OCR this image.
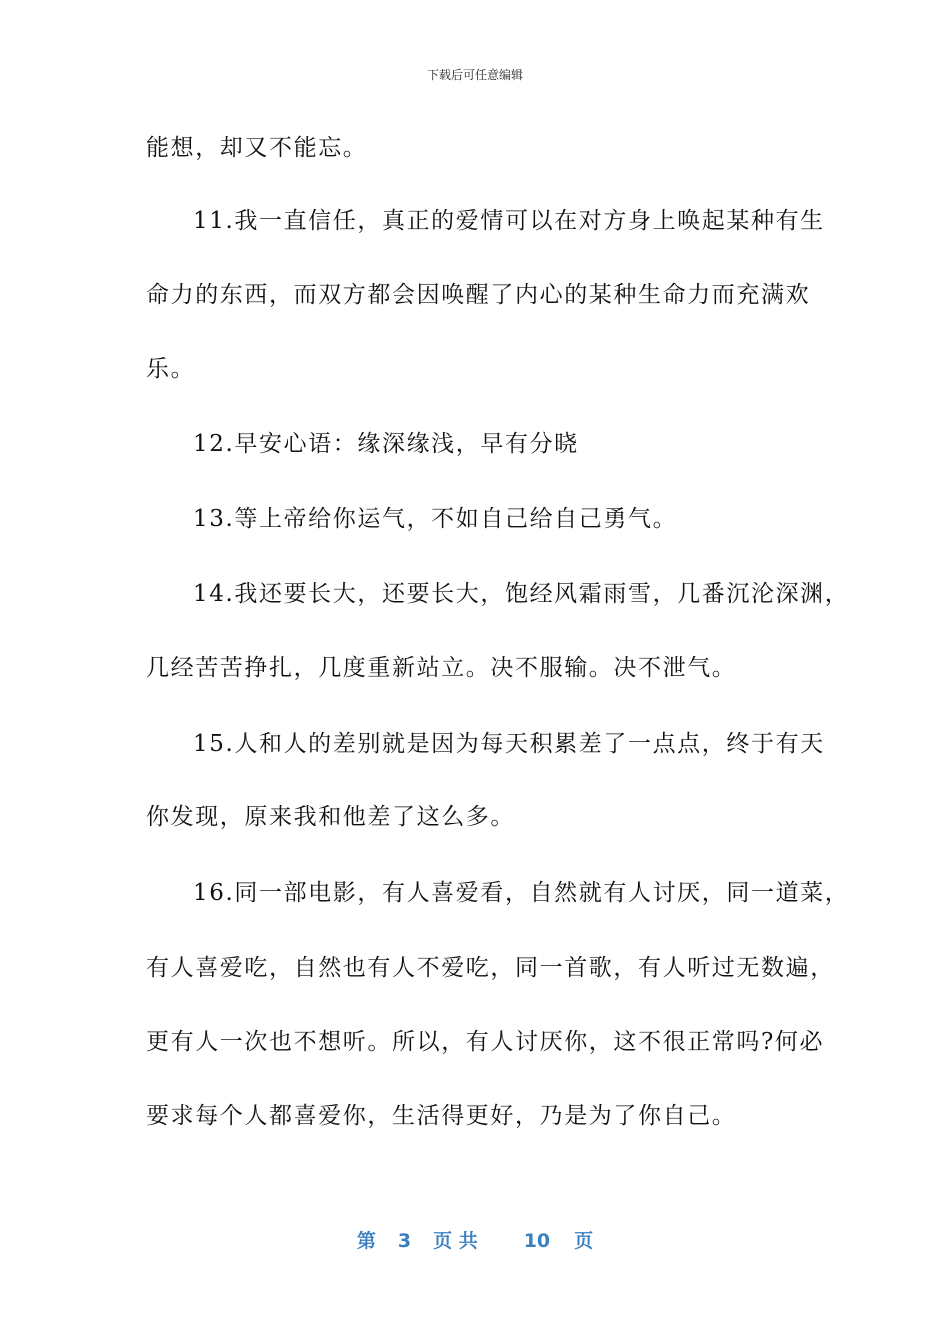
下载后可任意编辑
能想，却又不能忘。
11.我一直信任，真正的爱情可以在对方身上唤起某种有生
命力的东西，而双方都会因唤醒了内心的某种生命力而充满欢
乐。
12.早安心语：缘深缘浅，早有分晓
13.等上帝给你运气，不如自己给自己勇气。
14.我还要长大，还要长大，饱经风霜雨雪，几番沉沦深渊，
几经苦苦挣扎，几度重新站立。决不服输。决不泄气。
15.人和人的差别就是因为每天积累差了一点点，终于有天
你发现，原来我和他差了这么多。
16.同一部电影，有人喜爱看，自然就有人讨厌，同一道菜，
有人喜爱吃，自然也有人不爱吃，同一首歌，有人听过无数遍，
更有人一次也不想听。所以，有人讨厌你，这不很正常吗?何必
要求每个人都喜爱你，生活得更好，乃是为了你自己。
第 3 页 共 10 页
